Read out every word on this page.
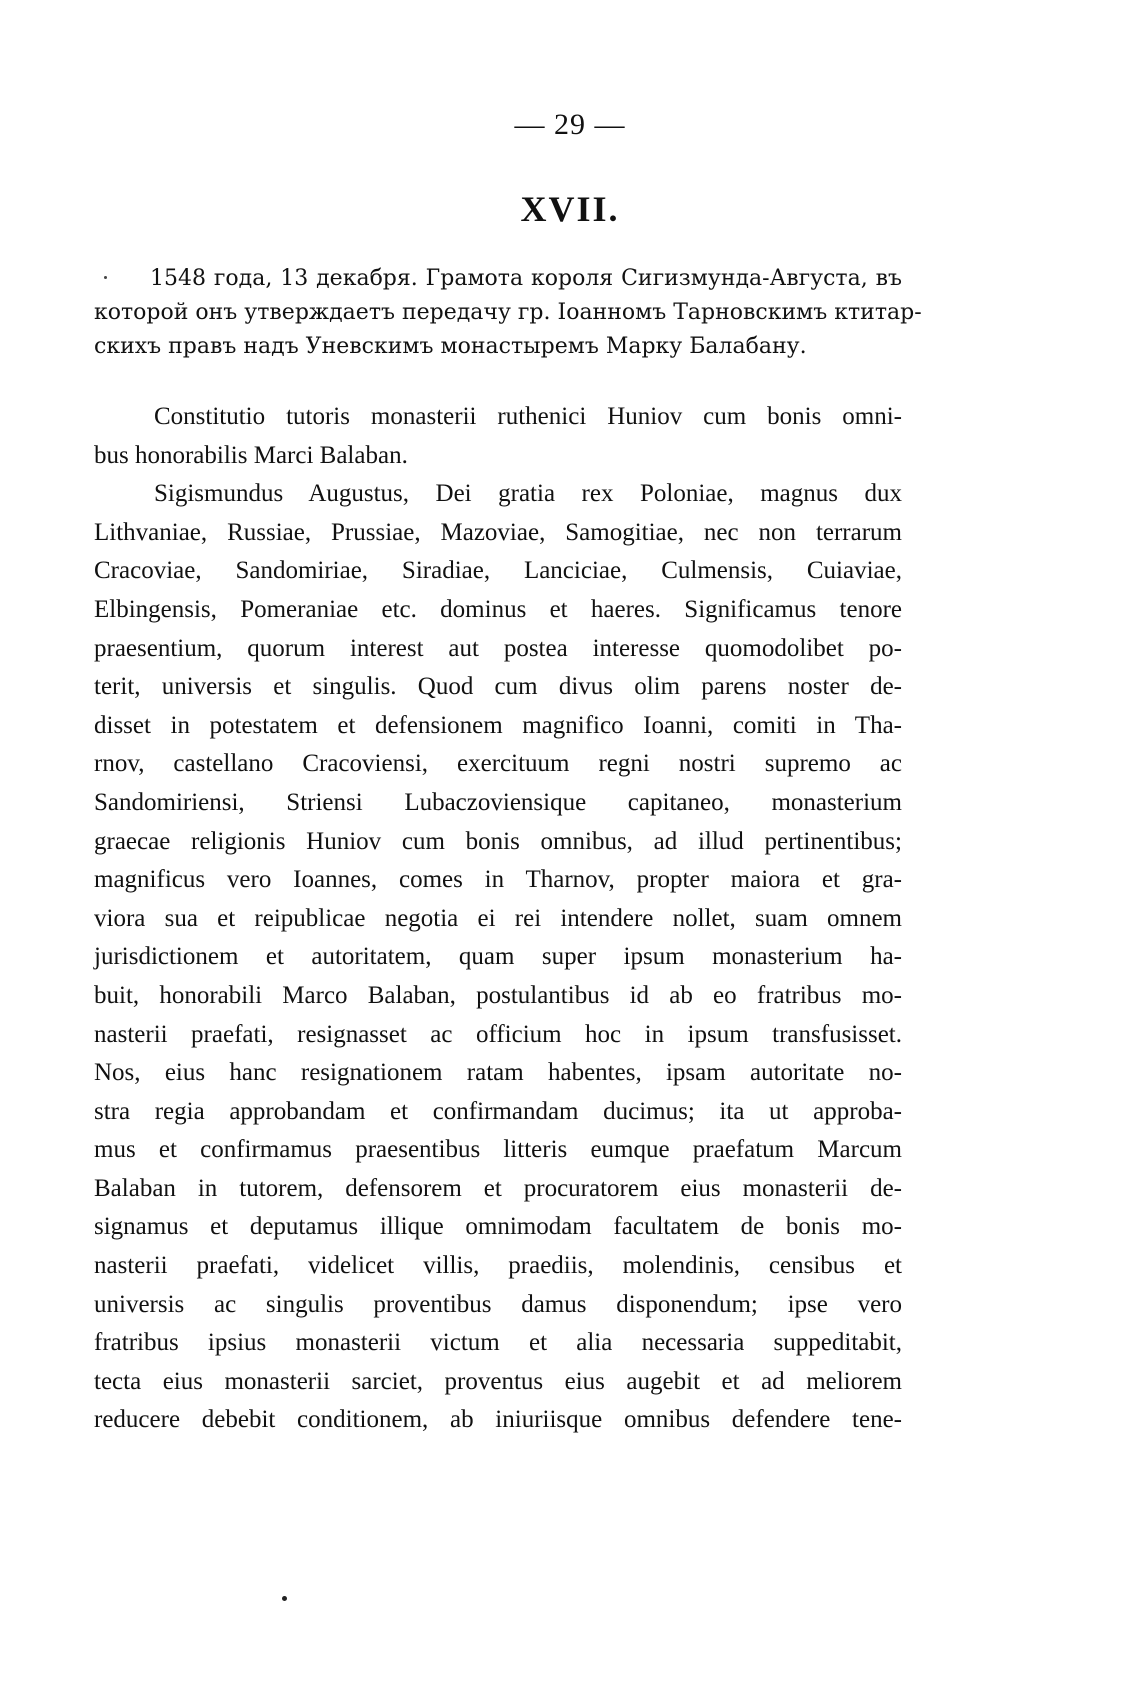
— 29 —
XVII.
1548 года, 13 декабря. Грамота короля Сигизмунда-Августа, въ
которой онъ утверждаетъ передачу гр. Іоанномъ Тарновскимъ ктитар-
скихъ правъ надъ Уневскимъ монастыремъ Марку Балабану.
Constitutio tutoris monasterii ruthenici Huniov cum bonis omni-
bus honorabilis Marci Balaban.
Sigismundus Augustus, Dei gratia rex Poloniae, magnus dux
Lithvaniae, Russiae, Prussiae, Mazoviae, Samogitiae, nec non terrarum
Cracoviae, Sandomiriae, Siradiae, Lanciciae, Culmensis, Cuiaviae,
Elbingensis, Pomeraniae etc. dominus et haeres. Significamus tenore
praesentium, quorum interest aut postea interesse quomodolibet po-
terit, universis et singulis. Quod cum divus olim parens noster de-
disset in potestatem et defensionem magnifico Ioanni, comiti in Tha-
rnov, castellano Cracoviensi, exercituum regni nostri supremo ac
Sandomiriensi, Striensi Lubaczoviensique capitaneo, monasterium
graecae religionis Huniov cum bonis omnibus, ad illud pertinentibus;
magnificus vero Ioannes, comes in Tharnov, propter maiora et gra-
viora sua et reipublicae negotia ei rei intendere nollet, suam omnem
jurisdictionem et autoritatem, quam super ipsum monasterium ha-
buit, honorabili Marco Balaban, postulantibus id ab eo fratribus mo-
nasterii praefati, resignasset ac officium hoc in ipsum transfusisset.
Nos, eius hanc resignationem ratam habentes, ipsam autoritate no-
stra regia approbandam et confirmandam ducimus; ita ut approba-
mus et confirmamus praesentibus litteris eumque praefatum Marcum
Balaban in tutorem, defensorem et procuratorem eius monasterii de-
signamus et deputamus illique omnimodam facultatem de bonis mo-
nasterii praefati, videlicet villis, praediis, molendinis, censibus et
universis ac singulis proventibus damus disponendum; ipse vero
fratribus ipsius monasterii victum et alia necessaria suppeditabit,
tecta eius monasterii sarciet, proventus eius augebit et ad meliorem
reducere debebit conditionem, ab iniuriisque omnibus defendere tene-
